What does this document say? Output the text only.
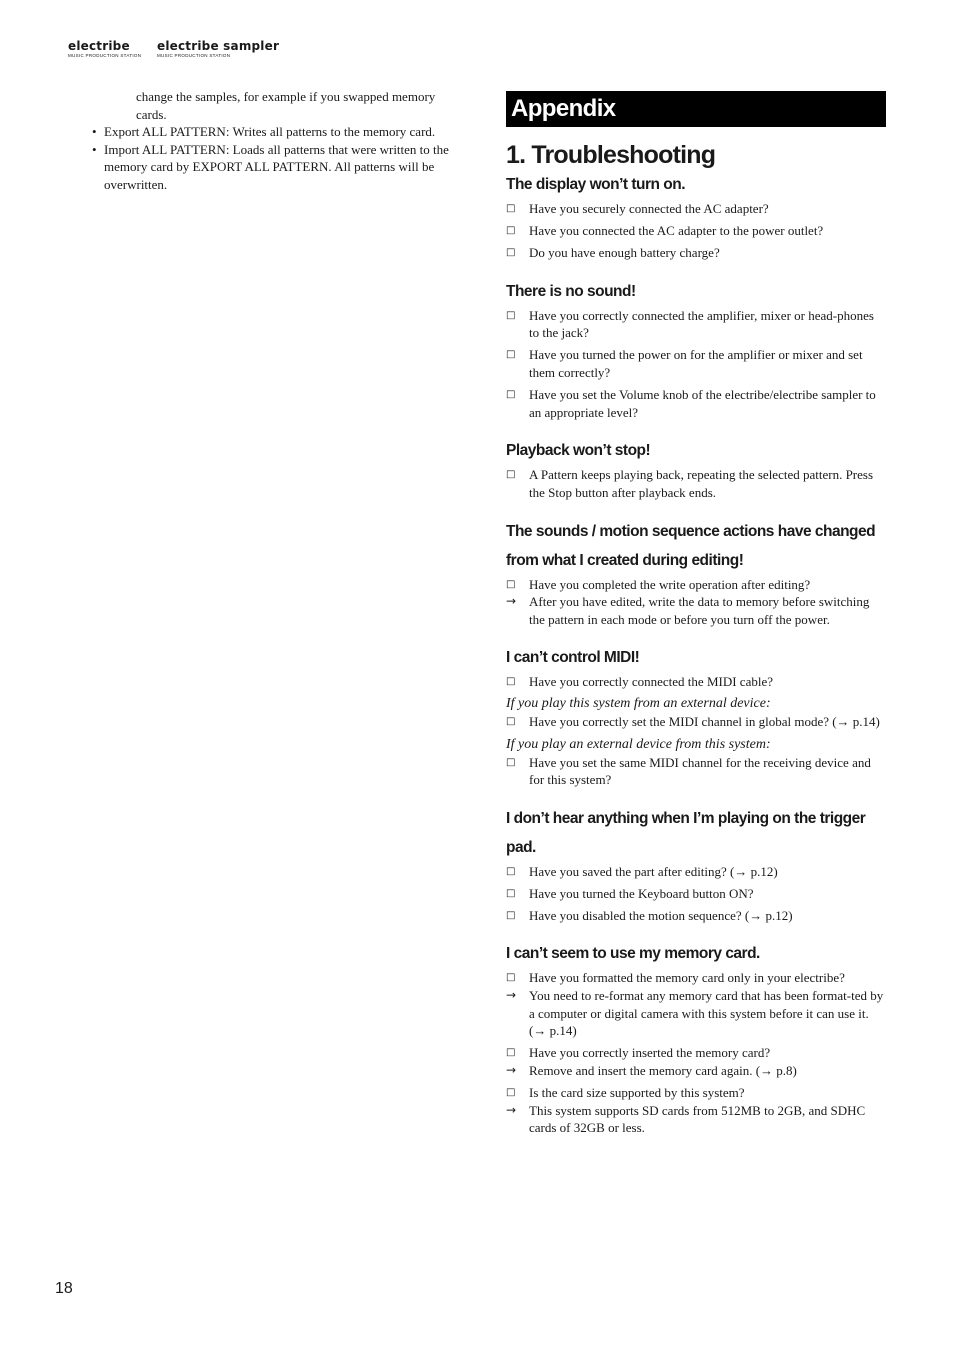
electribe
MUSIC PRODUCTION STATION
electribe sampler
MUSIC PRODUCTION STATION
change the samples, for example if you swapped memory cards.
• Export ALL PATTERN: Writes all patterns to the memory card.
• Import ALL PATTERN: Loads all patterns that were written to the memory card by EXPORT ALL PATTERN. All patterns will be overwritten.
Appendix
1. Troubleshooting
The display won’t turn on.
□ Have you securely connected the AC adapter?
□ Have you connected the AC adapter to the power outlet?
□ Do you have enough battery charge?
There is no sound!
□ Have you correctly connected the amplifier, mixer or head-phones to the jack?
□ Have you turned the power on for the amplifier or mixer and set them correctly?
□ Have you set the Volume knob of the electribe/electribe sampler to an appropriate level?
Playback won’t stop!
□ A Pattern keeps playing back, repeating the selected pattern. Press the Stop button after playback ends.
The sounds / motion sequence actions have changed from what I created during editing!
□ Have you completed the write operation after editing?
→ After you have edited, write the data to memory before switching the pattern in each mode or before you turn off the power.
I can’t control MIDI!
□ Have you correctly connected the MIDI cable?
If you play this system from an external device:
□ Have you correctly set the MIDI channel in global mode? (→ p.14)
If you play an external device from this system:
□ Have you set the same MIDI channel for the receiving device and for this system?
I don’t hear anything when I’m playing on the trigger pad.
□ Have you saved the part after editing? (→ p.12)
□ Have you turned the Keyboard button ON?
□ Have you disabled the motion sequence? (→ p.12)
I can’t seem to use my memory card.
□ Have you formatted the memory card only in your electribe?
→ You need to re-format any memory card that has been format-ted by a computer or digital camera with this system before it can use it. (→ p.14)
□ Have you correctly inserted the memory card?
→ Remove and insert the memory card again. (→ p.8)
□ Is the card size supported by this system?
→ This system supports SD cards from 512MB to 2GB, and SDHC cards of 32GB or less.
18
